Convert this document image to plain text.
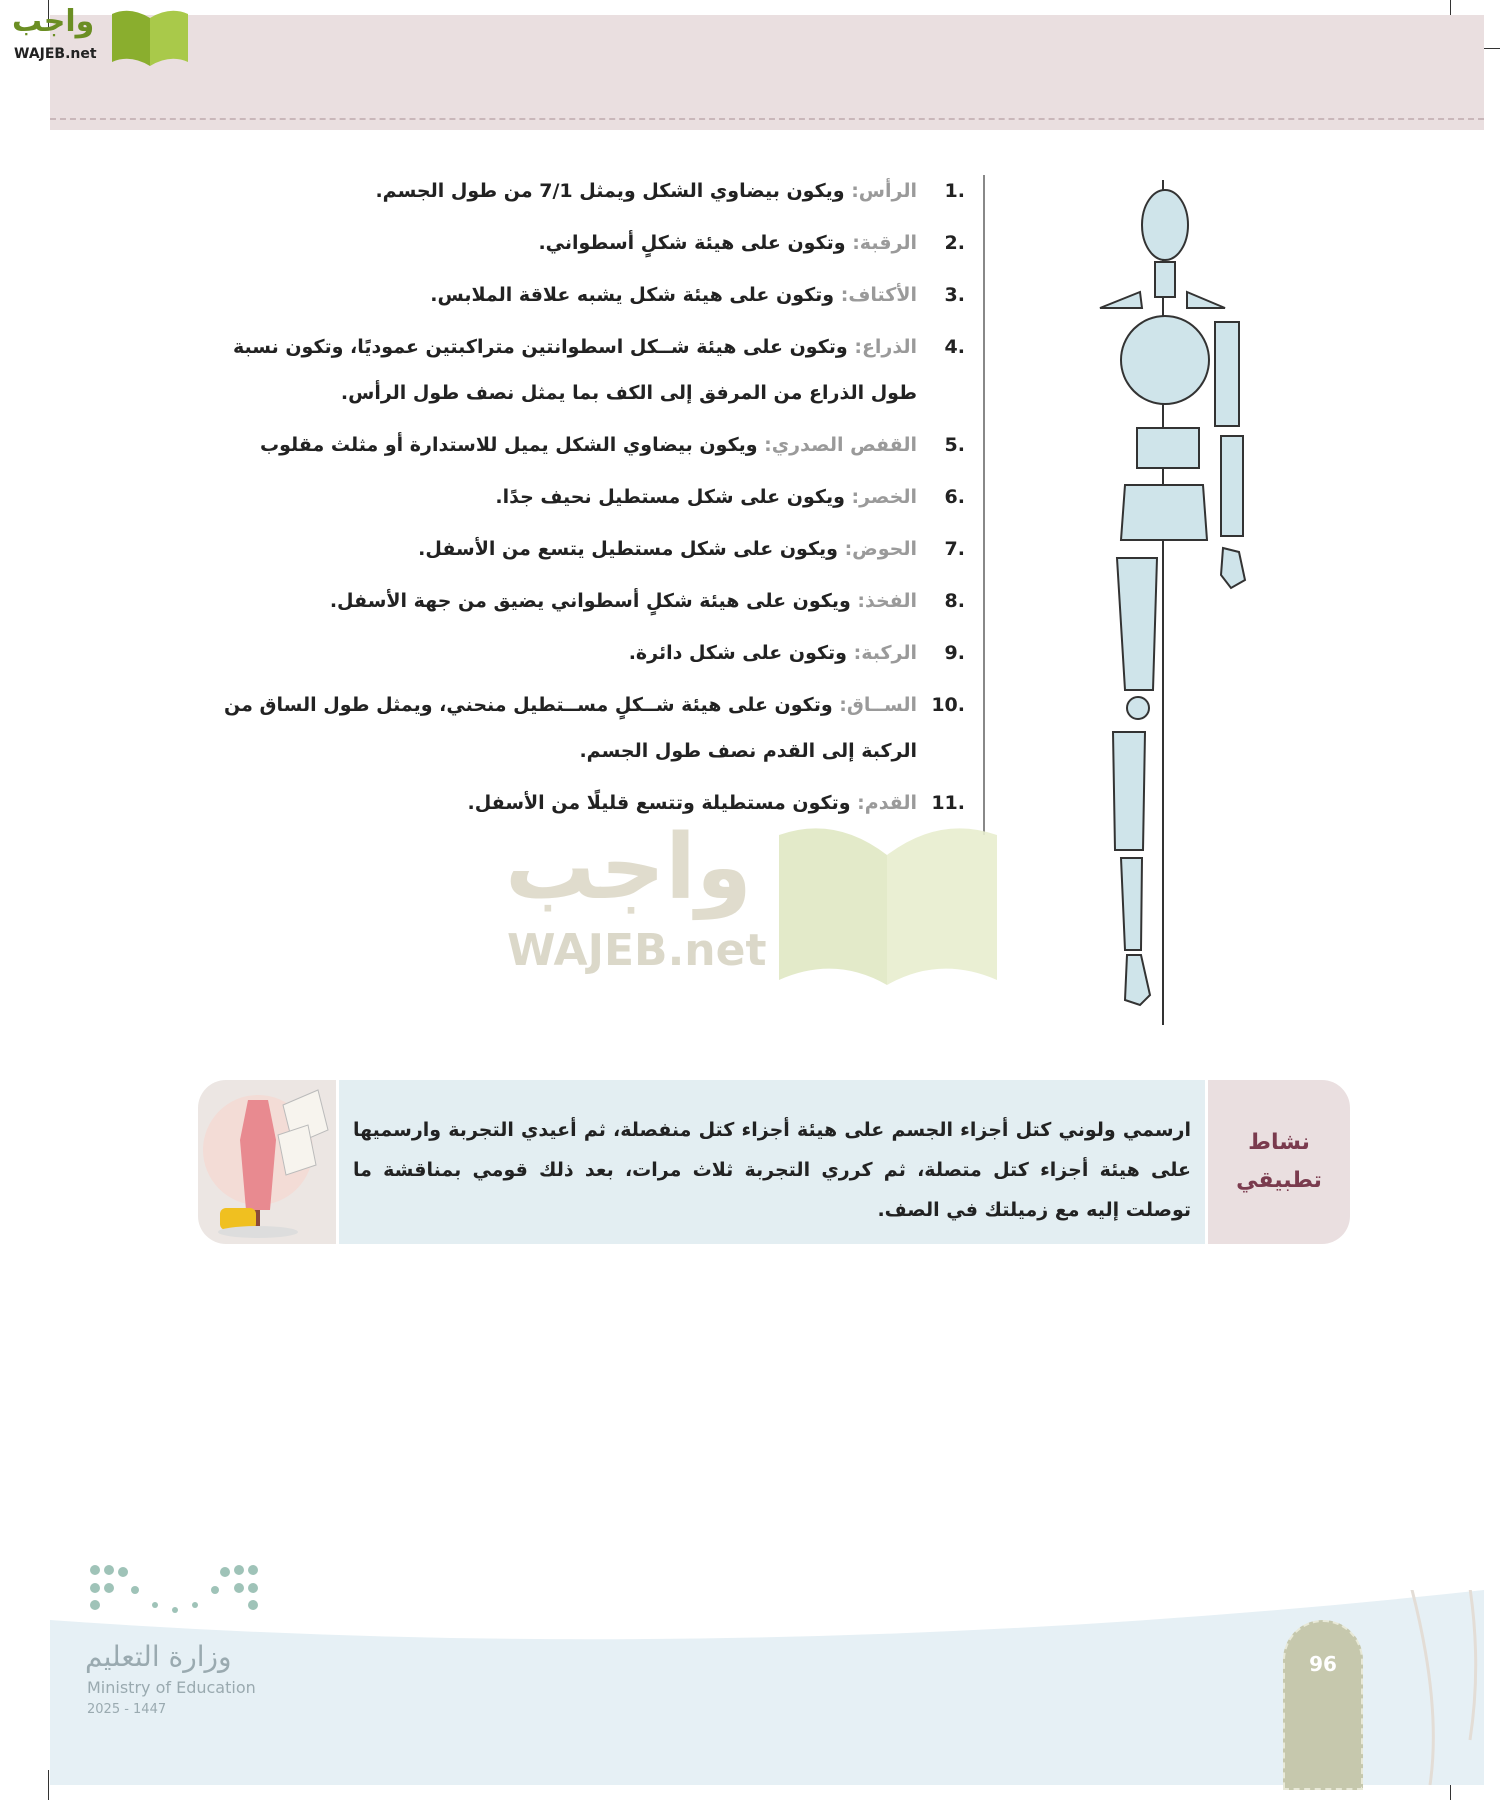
واجب
WAJEB.net
1.
الرأس: ويكون بيضاوي الشكل ويمثل 7/1 من طول الجسم.
2.
الرقبة: وتكون على هيئة شكلٍ أسطواني.
3.
الأكتاف: وتكون على هيئة شكل يشبه علاقة الملابس.
4.
الذراع: وتكون على هيئة شــكل اسطوانتين متراكبتين عموديًا، وتكون نسبة طول الذراع من المرفق إلى الكف بما يمثل نصف طول الرأس.
5.
القفص الصدري: ويكون بيضاوي الشكل يميل للاستدارة أو مثلث مقلوب
6.
الخصر: ويكون على شكل مستطيل نحيف جدًا.
7.
الحوض: ويكون على شكل مستطيل يتسع من الأسفل.
8.
الفخذ: ويكون على هيئة شكلٍ أسطواني يضيق من جهة الأسفل.
9.
الركبة: وتكون على شكل دائرة.
10.
الســاق: وتكون على هيئة شــكلٍ مســتطيل منحني، ويمثل طول الساق من الركبة إلى القدم نصف طول الجسم.
11.
القدم: وتكون مستطيلة وتتسع قليلًا من الأسفل.
واجب
WAJEB.net
نشاط
تطبيقي
ارسمي ولوني كتل أجزاء الجسم على هيئة أجزاء كتل منفصلة، ثم أعيدي التجربة وارسميها على هيئة أجزاء كتل متصلة، ثم كرري التجربة ثلاث مرات، بعد ذلك قومي بمناقشة ما توصلت إليه مع زميلتك في الصف.
وزارة التعليم
Ministry of Education
2025 - 1447
96
